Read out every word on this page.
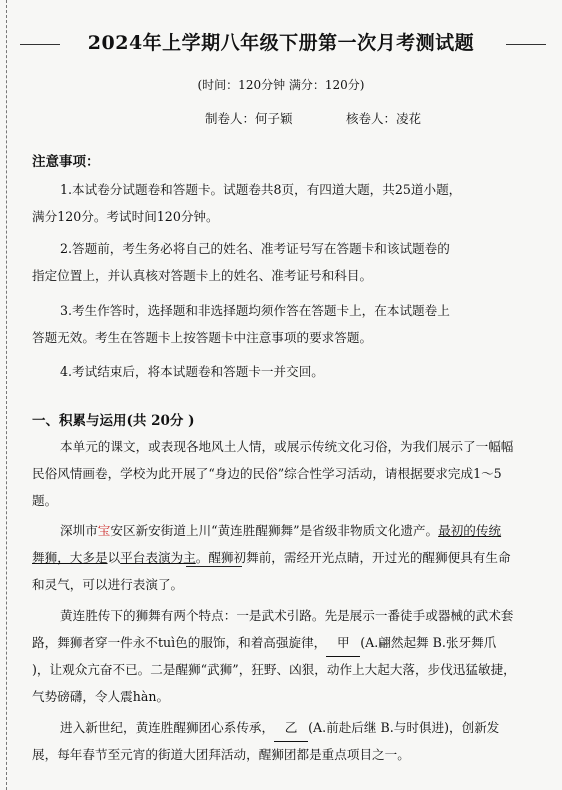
2024年上学期八年级下册第一次月考测试题
(时间：120分钟 满分：120分)
制卷人：何子颖	核卷人：凌花
注意事项：
1.本试卷分试题卷和答题卡。试题卷共8页，有四道大题，共25道小题，
满分120分。考试时间120分钟。
2.答题前，考生务必将自己的姓名、准考证号写在答题卡和该试题卷的
指定位置上，并认真核对答题卡上的姓名、准考证号和科目。
3.考生作答时，选择题和非选择题均须作答在答题卡上，在本试题卷上
答题无效。考生在答题卡上按答题卡中注意事项的要求答题。
4.考试结束后，将本试题卷和答题卡一并交回。
一、积累与运用(共 20分 )
本单元的课文，或表现各地风土人情，或展示传统文化习俗，为我们展示了一幅幅
民俗风情画卷，学校为此开展了“身边的民俗”综合性学习活动，请根据要求完成1～5
题。
深圳市宝安区新安街道上川“黄连胜醒狮舞”是省级非物质文化遗产。最初的传统
舞狮，大多是以平台表演为主。醒狮初舞前，需经开光点睛，开过光的醒狮便具有生命
和灵气，可以进行表演了。
黄连胜传下的狮舞有两个特点：一是武术引路。先是展示一番徒手或器械的武术套
路，舞狮者穿一件永不tuì色的服饰，和着高强旋律， 甲 (A.翩然起舞 B.张牙舞爪
)，让观众亢奋不已。二是醒狮“武狮”，狂野、凶狠，动作上大起大落，步伐迅猛敏捷，
气势磅礴，令人震hàn。
进入新世纪，黄连胜醒狮团心系传承， 乙 (A.前赴后继 B.与时俱进)，创新发
展，每年春节至元宵的街道大团拜活动，醒狮团都是重点项目之一。
